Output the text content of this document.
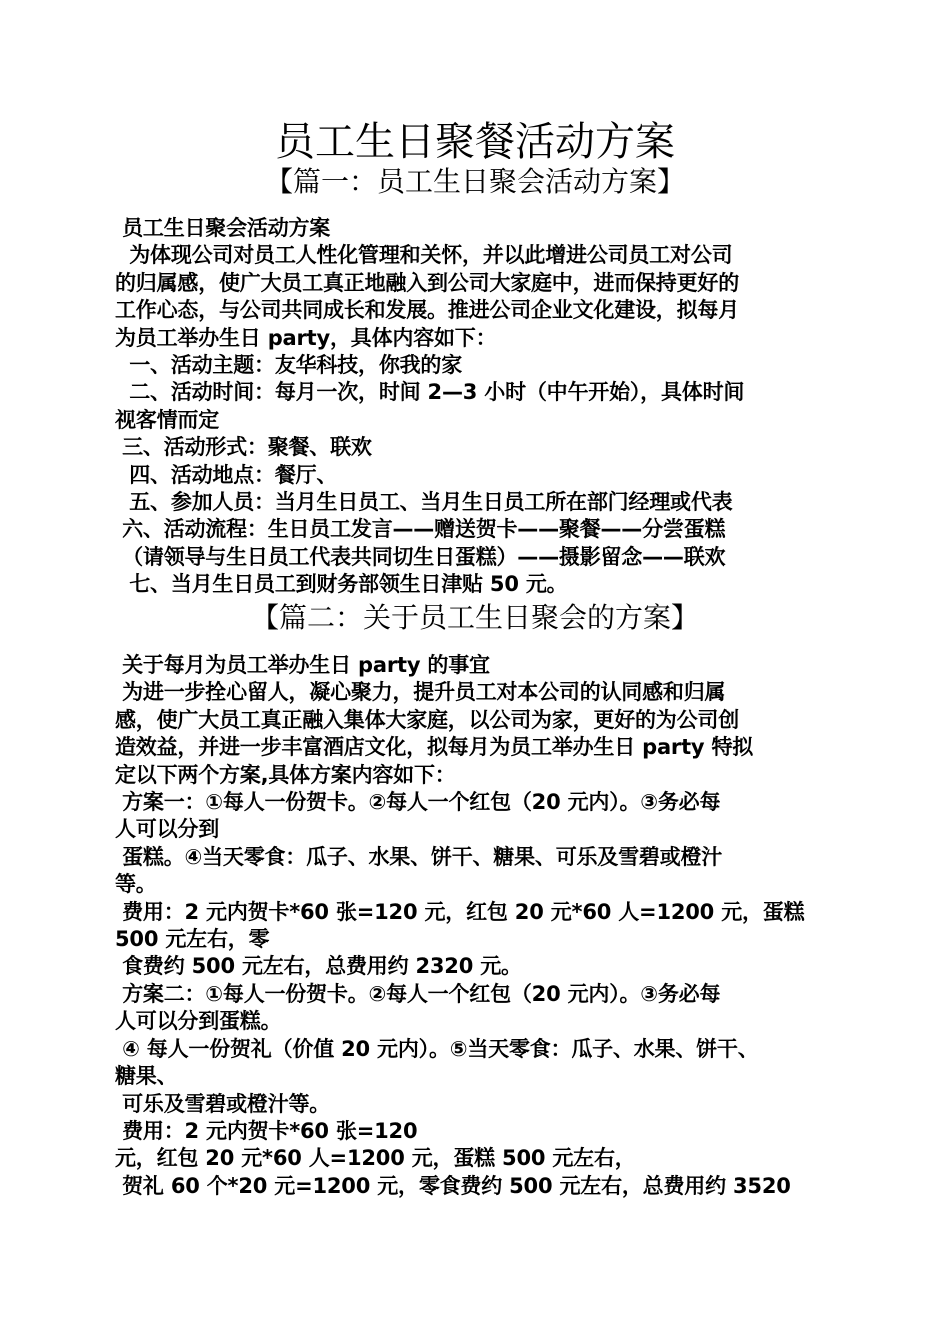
员工生日聚餐活动方案
【篇一：员工生日聚会活动方案】

员工生日聚会活动方案

为体现公司对员工人性化管理和关怀，并以此增进公司员工对公司

的归属感，使广大员工真正地融入到公司大家庭中，进而保持更好的

工作心态，与公司共同成长和发展。推进公司企业文化建设，拟每月

为员工举办生日 party，具体内容如下：

一、活动主题：友华科技，你我的家

二、活动时间：每月一次，时间 2—3 小时（中午开始），具体时间

视客情而定

三、活动形式：聚餐、联欢

四、活动地点：餐厅、

五、参加人员：当月生日员工、当月生日员工所在部门经理或代表

六、活动流程：生日员工发言——赠送贺卡——聚餐——分尝蛋糕

（请领导与生日员工代表共同切生日蛋糕）——摄影留念——联欢

七、当月生日员工到财务部领生日津贴 50 元。

【篇二：关于员工生日聚会的方案】

关于每月为员工举办生日 party 的事宜

为进一步拴心留人，凝心聚力，提升员工对本公司的认同感和归属

感，使广大员工真正融入集体大家庭，以公司为家，更好的为公司创

造效益，并进一步丰富酒店文化，拟每月为员工举办生日 party 特拟

定以下两个方案,具体方案内容如下：

方案一：①每人一份贺卡。②每人一个红包（20 元内）。③务必每

人可以分到

蛋糕。④当天零食：瓜子、水果、饼干、糖果、可乐及雪碧或橙汁

等。

费用：2 元内贺卡*60 张=120 元，红包 20 元*60 人=1200 元，蛋糕

500 元左右，零

食费约 500 元左右，总费用约 2320 元。

方案二：①每人一份贺卡。②每人一个红包（20 元内）。③务必每

人可以分到蛋糕。

④ 每人一份贺礼（价值 20 元内）。⑤当天零食：瓜子、水果、饼干、

糖果、

可乐及雪碧或橙汁等。

费用：2 元内贺卡*60 张=120

元，红包 20 元*60 人=1200 元，蛋糕 500 元左右，

贺礼 60 个*20 元=1200 元，零食费约 500 元左右，总费用约 3520
